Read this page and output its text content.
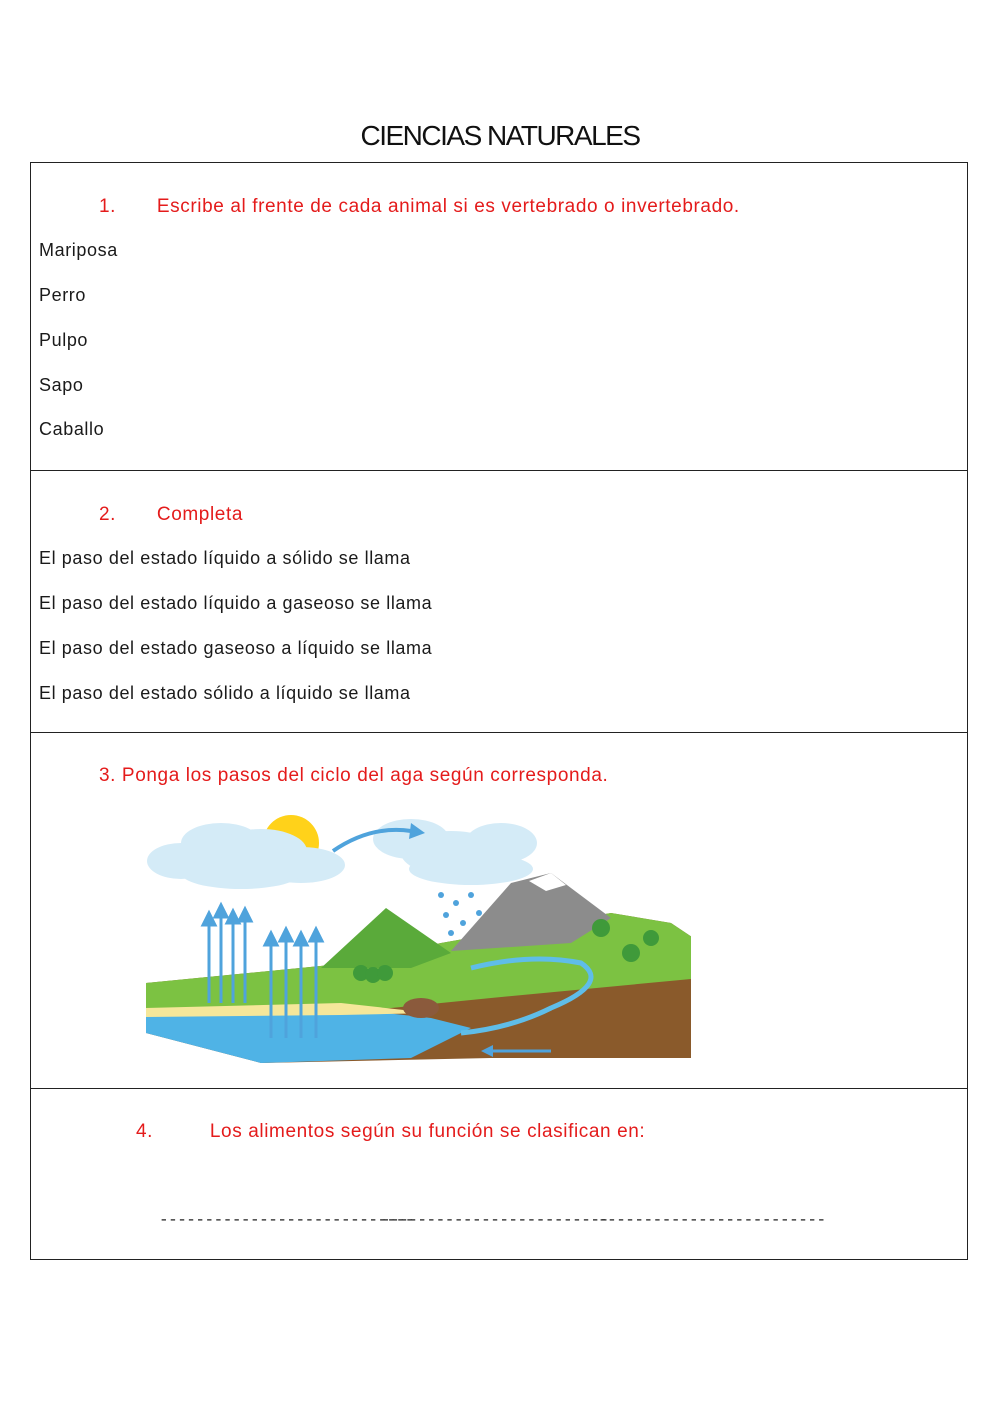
CIENCIAS NATURALES
1. Escribe al frente de cada animal si es vertebrado o invertebrado.
Mariposa
Perro
Pulpo
Sapo
Caballo
2. Completa
El paso del estado líquido a sólido se llama
El paso del estado líquido a gaseoso se llama
El paso del estado gaseoso a líquido se llama
El paso del estado sólido a líquido se llama
3. Ponga los pasos del ciclo del aga según corresponda.
4.	Los alimentos según su función se clasifican en:
----------------------------
-------------------------
-------------------------
